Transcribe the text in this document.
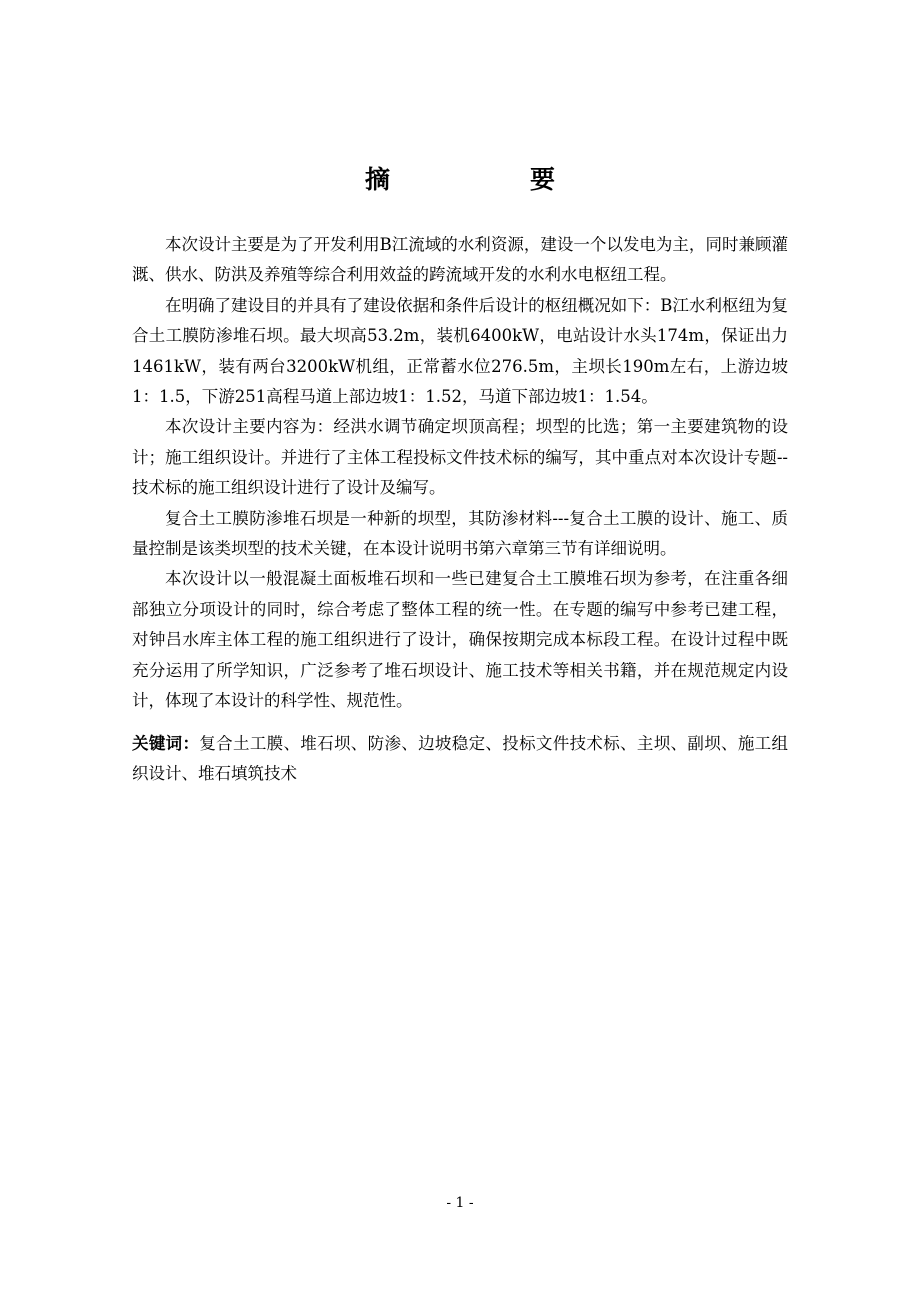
摘　　要

本次设计主要是为了开发利用B江流域的水利资源，建设一个以发电为主，同时兼顾灌溉、供水、防洪及养殖等综合利用效益的跨流域开发的水利水电枢纽工程。

在明确了建设目的并具有了建设依据和条件后设计的枢纽概况如下：B江水利枢纽为复合土工膜防渗堆石坝。最大坝高53.2m，装机6400kW，电站设计水头174m，保证出力1461kW，装有两台3200kW机组，正常蓄水位276.5m，主坝长190m左右，上游边坡1：1.5，下游251高程马道上部边坡1：1.52，马道下部边坡1：1.54。

本次设计主要内容为：经洪水调节确定坝顶高程；坝型的比选；第一主要建筑物的设计；施工组织设计。并进行了主体工程投标文件技术标的编写，其中重点对本次设计专题--技术标的施工组织设计进行了设计及编写。

复合土工膜防渗堆石坝是一种新的坝型，其防渗材料---复合土工膜的设计、施工、质量控制是该类坝型的技术关键，在本设计说明书第六章第三节有详细说明。

本次设计以一般混凝土面板堆石坝和一些已建复合土工膜堆石坝为参考，在注重各细部独立分项设计的同时，综合考虑了整体工程的统一性。在专题的编写中参考已建工程，对钟吕水库主体工程的施工组织进行了设计，确保按期完成本标段工程。在设计过程中既充分运用了所学知识，广泛参考了堆石坝设计、施工技术等相关书籍，并在规范规定内设计，体现了本设计的科学性、规范性。

关键词：复合土工膜、堆石坝、防渗、边坡稳定、投标文件技术标、主坝、副坝、施工组织设计、堆石填筑技术

- 1 -
